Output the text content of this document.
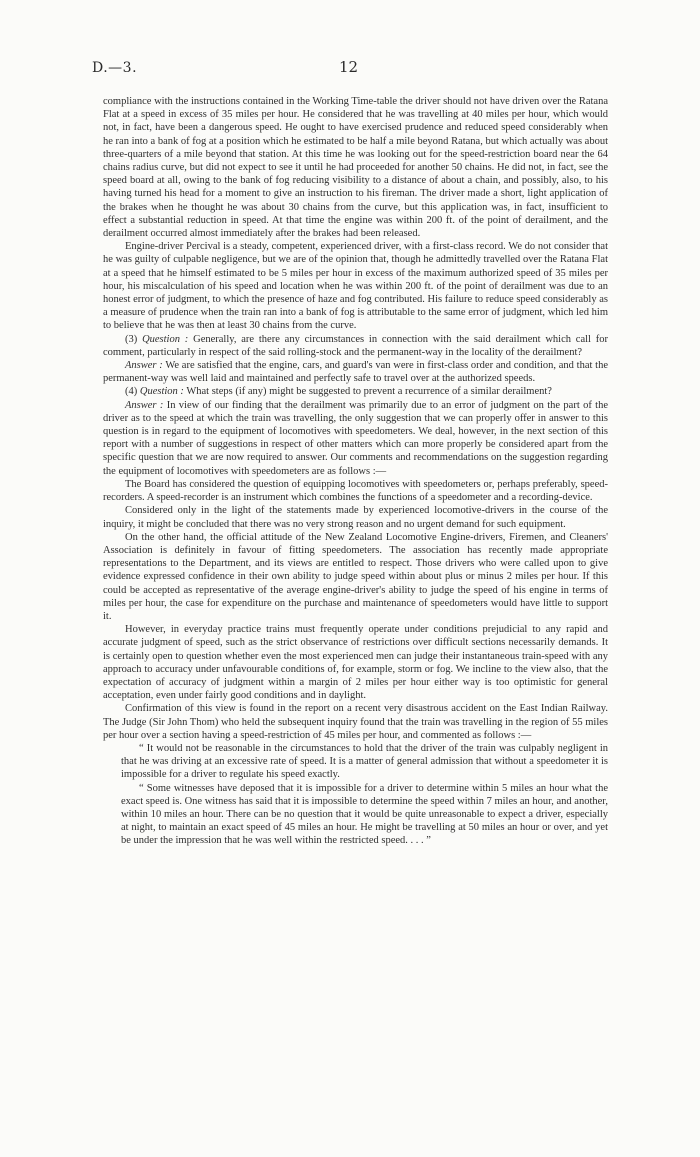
D.—3.	12

compliance with the instructions contained in the Working Time-table the driver should not have driven over the Ratana Flat at a speed in excess of 35 miles per hour. He considered that he was travelling at 40 miles per hour, which would not, in fact, have been a dangerous speed. He ought to have exercised prudence and reduced speed considerably when he ran into a bank of fog at a position which he estimated to be half a mile beyond Ratana, but which actually was about three-quarters of a mile beyond that station. At this time he was looking out for the speed-restriction board near the 64 chains radius curve, but did not expect to see it until he had proceeded for another 50 chains. He did not, in fact, see the speed board at all, owing to the bank of fog reducing visibility to a distance of about a chain, and possibly, also, to his having turned his head for a moment to give an instruction to his fireman. The driver made a short, light application of the brakes when he thought he was about 30 chains from the curve, but this application was, in fact, insufficient to effect a substantial reduction in speed. At that time the engine was within 200 ft. of the point of derailment, and the derailment occurred almost immediately after the brakes had been released.

Engine-driver Percival is a steady, competent, experienced driver, with a first-class record. We do not consider that he was guilty of culpable negligence, but we are of the opinion that, though he admittedly travelled over the Ratana Flat at a speed that he himself estimated to be 5 miles per hour in excess of the maximum authorized speed of 35 miles per hour, his miscalculation of his speed and location when he was within 200 ft. of the point of derailment was due to an honest error of judgment, to which the presence of haze and fog contributed. His failure to reduce speed considerably as a measure of prudence when the train ran into a bank of fog is attributable to the same error of judgment, which led him to believe that he was then at least 30 chains from the curve.

(3) Question : Generally, are there any circumstances in connection with the said derailment which call for comment, particularly in respect of the said rolling-stock and the permanent-way in the locality of the derailment?

Answer : We are satisfied that the engine, cars, and guard's van were in first-class order and condition, and that the permanent-way was well laid and maintained and perfectly safe to travel over at the authorized speeds.

(4) Question : What steps (if any) might be suggested to prevent a recurrence of a similar derailment?

Answer : In view of our finding that the derailment was primarily due to an error of judgment on the part of the driver as to the speed at which the train was travelling, the only suggestion that we can properly offer in answer to this question is in regard to the equipment of locomotives with speedometers. We deal, however, in the next section of this report with a number of suggestions in respect of other matters which can more properly be considered apart from the specific question that we are now required to answer. Our comments and recommendations on the suggestion regarding the equipment of locomotives with speedometers are as follows :—

The Board has considered the question of equipping locomotives with speedometers or, perhaps preferably, speed-recorders. A speed-recorder is an instrument which combines the functions of a speedometer and a recording-device.

Considered only in the light of the statements made by experienced locomotive-drivers in the course of the inquiry, it might be concluded that there was no very strong reason and no urgent demand for such equipment.

On the other hand, the official attitude of the New Zealand Locomotive Engine-drivers, Firemen, and Cleaners' Association is definitely in favour of fitting speedometers. The association has recently made appropriate representations to the Department, and its views are entitled to respect. Those drivers who were called upon to give evidence expressed confidence in their own ability to judge speed within about plus or minus 2 miles per hour. If this could be accepted as representative of the average engine-driver's ability to judge the speed of his engine in terms of miles per hour, the case for expenditure on the purchase and maintenance of speedometers would have little to support it.

However, in everyday practice trains must frequently operate under conditions prejudicial to any rapid and accurate judgment of speed, such as the strict observance of restrictions over difficult sections necessarily demands. It is certainly open to question whether even the most experienced men can judge their instantaneous train-speed with any approach to accuracy under unfavourable conditions of, for example, storm or fog. We incline to the view also, that the expectation of accuracy of judgment within a margin of 2 miles per hour either way is too optimistic for general acceptation, even under fairly good conditions and in daylight.

Confirmation of this view is found in the report on a recent very disastrous accident on the East Indian Railway. The Judge (Sir John Thom) who held the subsequent inquiry found that the train was travelling in the region of 55 miles per hour over a section having a speed-restriction of 45 miles per hour, and commented as follows :—

“ It would not be reasonable in the circumstances to hold that the driver of the train was culpably negligent in that he was driving at an excessive rate of speed. It is a matter of general admission that without a speedometer it is impossible for a driver to regulate his speed exactly.

“ Some witnesses have deposed that it is impossible for a driver to determine within 5 miles an hour what the exact speed is. One witness has said that it is impossible to determine the speed within 7 miles an hour, and another, within 10 miles an hour. There can be no question that it would be quite unreasonable to expect a driver, especially at night, to maintain an exact speed of 45 miles an hour. He might be travelling at 50 miles an hour or over, and yet be under the impression that he was well within the restricted speed. . . . ”
